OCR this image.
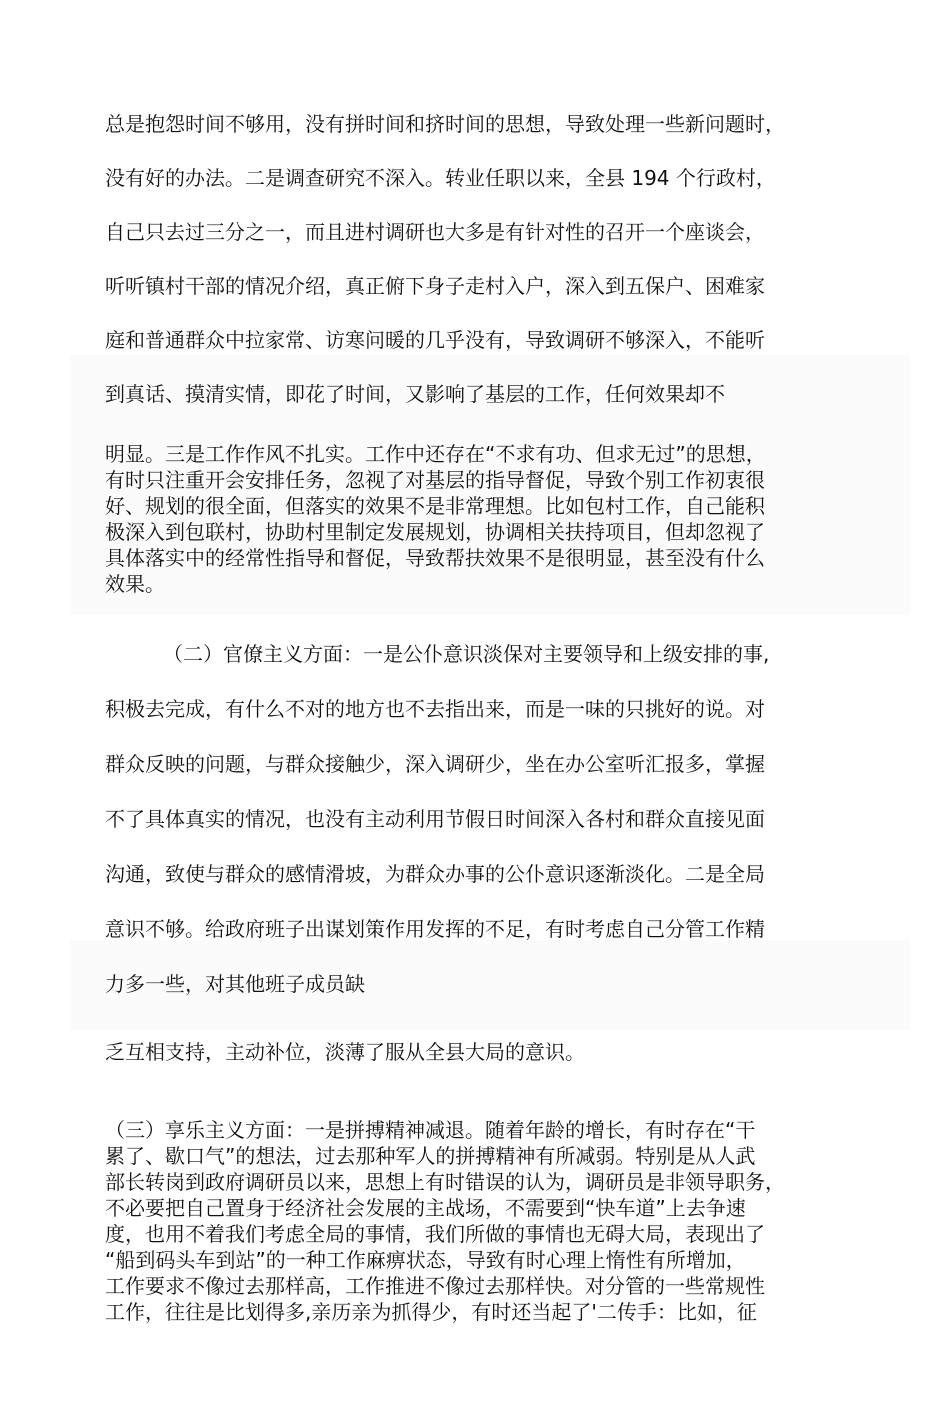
总是抱怨时间不够用，没有拼时间和挤时间的思想，导致处理一些新问题时，
没有好的办法。二是调查研究不深入。转业任职以来，全县 194 个行政村，
自己只去过三分之一，而且进村调研也大多是有针对性的召开一个座谈会，
听听镇村干部的情况介绍，真正俯下身子走村入户，深入到五保户、困难家
庭和普通群众中拉家常、访寒问暖的几乎没有，导致调研不够深入，不能听
到真话、摸清实情，即花了时间，又影响了基层的工作，任何效果却不
明显。三是工作作风不扎实。工作中还存在“不求有功、但求无过”的思想，
有时只注重开会安排任务，忽视了对基层的指导督促，导致个别工作初衷很
好、规划的很全面，但落实的效果不是非常理想。比如包村工作，自己能积
极深入到包联村，协助村里制定发展规划，协调相关扶持项目，但却忽视了
具体落实中的经常性指导和督促，导致帮扶效果不是很明显，甚至没有什么
效果。
（二）官僚主义方面：一是公仆意识淡保对主要领导和上级安排的事,
积极去完成，有什么不对的地方也不去指出来，而是一味的只挑好的说。对
群众反映的问题，与群众接触少，深入调研少，坐在办公室听汇报多，掌握
不了具体真实的情况，也没有主动利用节假日时间深入各村和群众直接见面
沟通，致使与群众的感情滑坡，为群众办事的公仆意识逐渐淡化。二是全局
意识不够。给政府班子出谋划策作用发挥的不足，有时考虑自己分管工作精
力多一些，对其他班子成员缺
乏互相支持，主动补位，淡薄了服从全县大局的意识。
（三）享乐主义方面：一是拼搏精神减退。随着年龄的增长，有时存在“干
累了、歇口气”的想法，过去那种军人的拼搏精神有所减弱。特别是从人武
部长转岗到政府调研员以来，思想上有时错误的认为，调研员是非领导职务，
不必要把自己置身于经济社会发展的主战场，不需要到“快车道”上去争速
度，也用不着我们考虑全局的事情，我们所做的事情也无碍大局，表现出了
“船到码头车到站”的一种工作麻痹状态，导致有时心理上惰性有所增加，
工作要求不像过去那样高，工作推进不像过去那样快。对分管的一些常规性
工作，往往是比划得多,亲历亲为抓得少，有时还当起了'二传手：比如，征
